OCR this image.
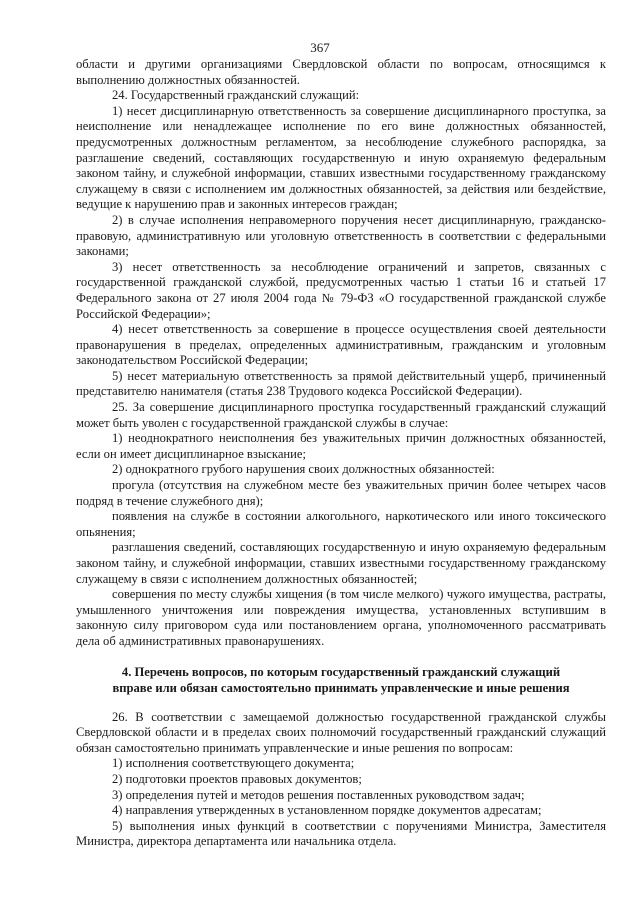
367

области и другими организациями Свердловской области по вопросам, относящимся к выполнению должностных обязанностей.

24. Государственный гражданский служащий:

1) несет дисциплинарную ответственность за совершение дисциплинарного проступка, за неисполнение или ненадлежащее исполнение по его вине должностных обязанностей, предусмотренных должностным регламентом, за несоблюдение служебного распорядка, за разглашение сведений, составляющих государственную и иную охраняемую федеральным законом тайну, и служебной информации, ставших известными государственному гражданскому служащему в связи с исполнением им должностных обязанностей, за действия или бездействие, ведущие к нарушению прав и законных интересов граждан;

2) в случае исполнения неправомерного поручения несет дисциплинарную, гражданско-правовую, административную или уголовную ответственность в соответствии с федеральными законами;

3) несет ответственность за несоблюдение ограничений и запретов, связанных с государственной гражданской службой, предусмотренных частью 1 статьи 16 и статьей 17 Федерального закона от 27 июля 2004 года № 79-ФЗ «О государственной гражданской службе Российской Федерации»;

4) несет ответственность за совершение в процессе осуществления своей деятельности правонарушения в пределах, определенных административным, гражданским и уголовным законодательством Российской Федерации;

5) несет материальную ответственность за прямой действительный ущерб, причиненный представителю нанимателя (статья 238 Трудового кодекса Российской Федерации).

25. За совершение дисциплинарного проступка государственный гражданский служащий может быть уволен с государственной гражданской службы в случае:

1) неоднократного неисполнения без уважительных причин должностных обязанностей, если он имеет дисциплинарное взыскание;

2) однократного грубого нарушения своих должностных обязанностей:

прогула (отсутствия на служебном месте без уважительных причин более четырех часов подряд в течение служебного дня);

появления на службе в состоянии алкогольного, наркотического или иного токсического опьянения;

разглашения сведений, составляющих государственную и иную охраняемую федеральным законом тайну, и служебной информации, ставших известными государственному гражданскому служащему в связи с исполнением должностных обязанностей;

совершения по месту службы хищения (в том числе мелкого) чужого имущества, растраты, умышленного уничтожения или повреждения имущества, установленных вступившим в законную силу приговором суда или постановлением органа, уполномоченного рассматривать дела об административных правонарушениях.

4. Перечень вопросов, по которым государственный гражданский служащий
вправе или обязан самостоятельно принимать управленческие и иные решения

26. В соответствии с замещаемой должностью государственной гражданской службы Свердловской области и в пределах своих полномочий государственный гражданский служащий обязан самостоятельно принимать управленческие и иные решения по вопросам:

1) исполнения соответствующего документа;

2) подготовки проектов правовых документов;

3) определения путей и методов решения поставленных руководством задач;

4) направления утвержденных в установленном порядке документов адресатам;

5) выполнения иных функций в соответствии с поручениями Министра, Заместителя Министра, директора департамента или начальника отдела.
